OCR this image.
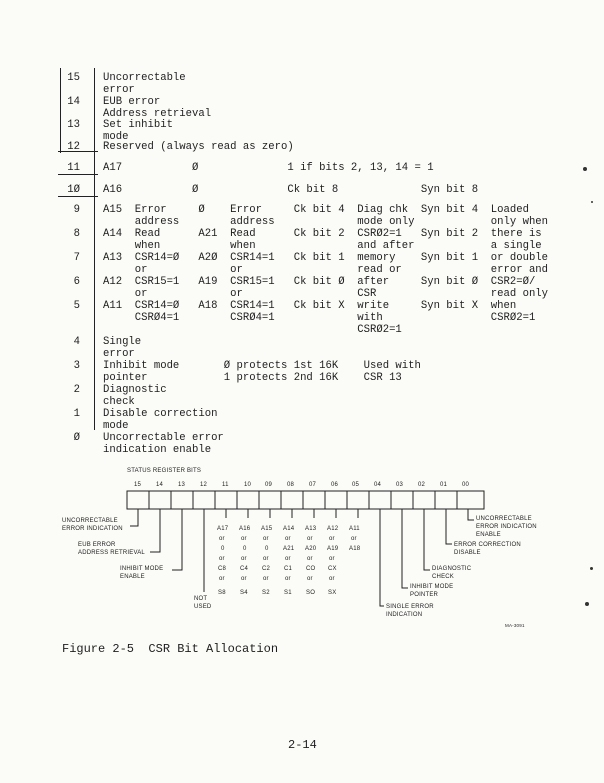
15 Uncorrectable
error
14 EUB error
Address retrieval
13 Set inhibit
mode
12 Reserved (always read as zero)
11 A17           Ø              1 if bits 2, 13, 14 = 1
1Ø A16           Ø              Ck bit 8             Syn bit 8
9 A15  Error     Ø    Error     Ck bit 4  Diag chk  Syn bit 4  Loaded
address        address             mode only            only when
8 A14  Read      A21  Read      Ck bit 2  CSRØ2=1   Syn bit 2  there is
when           when                and after            a single
7 A13  CSR14=Ø   A2Ø  CSR14=1   Ck bit 1  memory    Syn bit 1  or double
or             or                  read or              error and
6 A12  CSR15=1   A19  CSR15=1   Ck bit Ø  after     Syn bit Ø  CSR2=Ø/
or             or                  CSR                  read only
5 A11  CSR14=Ø   A18  CSR14=1   Ck bit X  write     Syn bit X  when
CSRØ4=1        CSRØ4=1             with                 CSRØ2=1
CSRØ2=1
4 Single
error
3 Inhibit mode       Ø protects 1st 16K    Used with
pointer            1 protects 2nd 16K    CSR 13
2 Diagnostic
check
1 Disable correction
mode
Ø Uncorrectable error
indication enable
STATUS REGISTER BITS
15 14 13 12 11	10 09 08 07 06 05 04 03 02 01 00
A17
or
0
or
C8
or
S8
A16
or
0
or
C4
or
S4
A15
or
0
or
C2
or
S2
A14
or
A21
or
C1
or
S1
A13
or
A20
or
CO
or
SO
A12
or
A19
or
CX
or
SX
A11
or
A18
UNCORRECTABLE
ERROR INDICATION
EUB ERROR
ADDRESS RETRIEVAL
INHIBIT MODE
ENABLE
NOT
USED
UNCORRECTABLE
ERROR INDICATION
ENABLE
ERROR CORRECTION
DISABLE
DIAGNOSTIC
CHECK
INHIBIT MODE
POINTER
SINGLE ERROR
INDICATION
MA-3091
Figure 2-5  CSR Bit Allocation
2-14
